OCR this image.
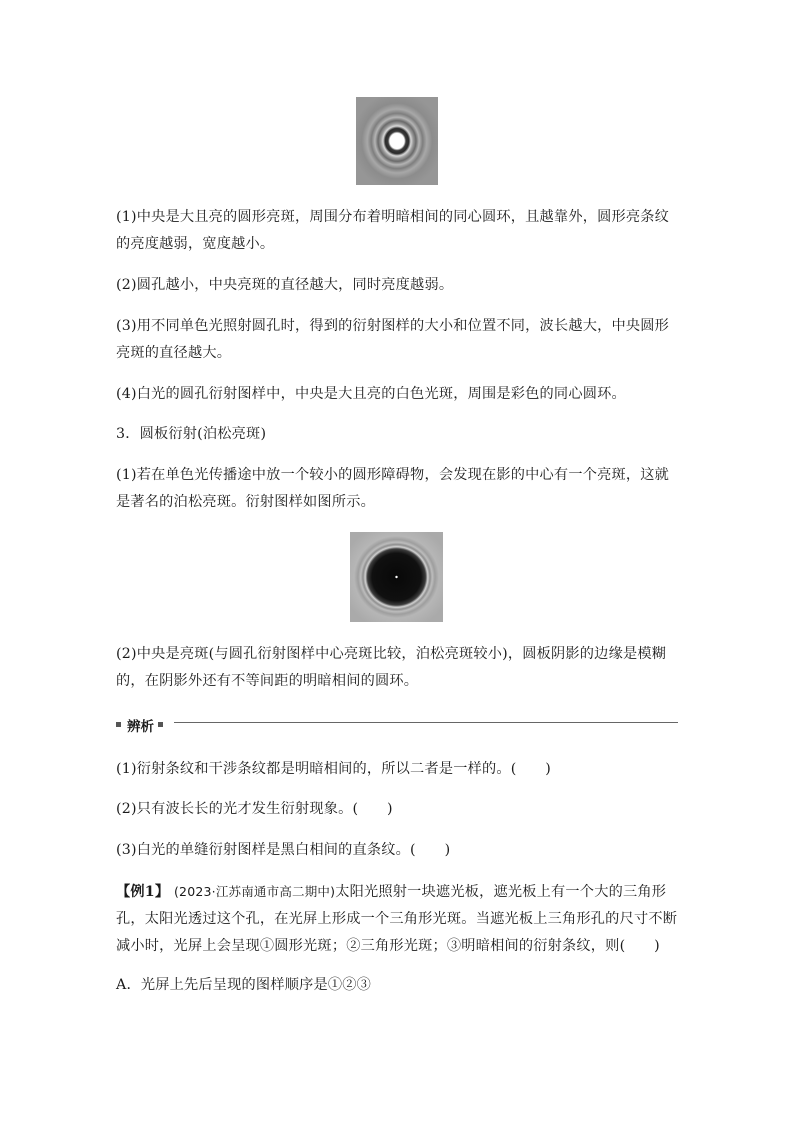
(1)中央是大且亮的圆形亮斑，周围分布着明暗相间的同心圆环，且越靠外，圆形亮条纹的亮度越弱，宽度越小。

(2)圆孔越小，中央亮斑的直径越大，同时亮度越弱。

(3)用不同单色光照射圆孔时，得到的衍射图样的大小和位置不同，波长越大，中央圆形亮斑的直径越大。

(4)白光的圆孔衍射图样中，中央是大且亮的白色光斑，周围是彩色的同心圆环。

3．圆板衍射(泊松亮斑)

(1)若在单色光传播途中放一个较小的圆形障碍物，会发现在影的中心有一个亮斑，这就是著名的泊松亮斑。衍射图样如图所示。

(2)中央是亮斑(与圆孔衍射图样中心亮斑比较，泊松亮斑较小)，圆板阴影的边缘是模糊的，在阴影外还有不等间距的明暗相间的圆环。

辨析

(1)衍射条纹和干涉条纹都是明暗相间的，所以二者是一样的。(　　)

(2)只有波长长的光才发生衍射现象。(　　)

(3)白光的单缝衍射图样是黑白相间的直条纹。(　　)

【例1】 (2023·江苏南通市高二期中)太阳光照射一块遮光板，遮光板上有一个大的三角形孔，太阳光透过这个孔，在光屏上形成一个三角形光斑。当遮光板上三角形孔的尺寸不断减小时，光屏上会呈现①圆形光斑；②三角形光斑；③明暗相间的衍射条纹，则(　　)

A．光屏上先后呈现的图样顺序是①②③
